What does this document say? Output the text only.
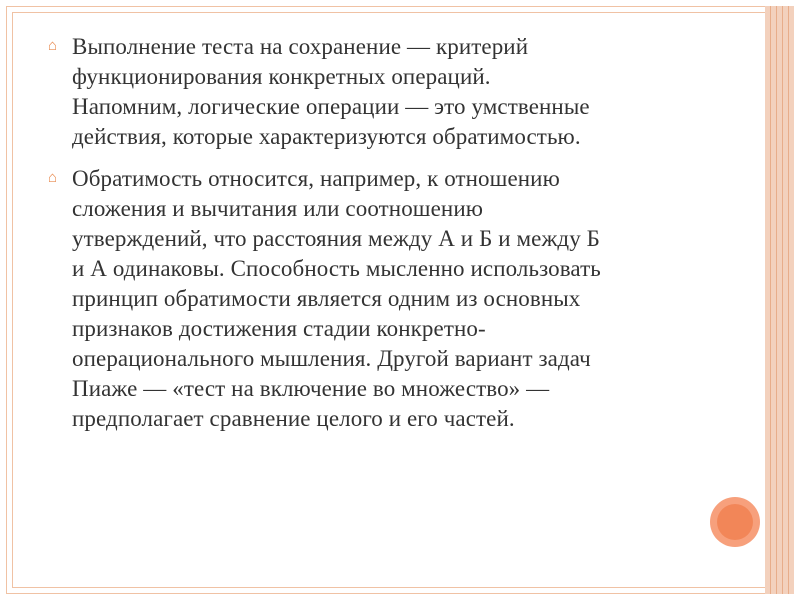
⌂ Выполнение теста на сохранение — критерий
функционирования конкретных операций.
Напомним, логические операции — это умственные
действия, которые характеризуются обратимостью.
⌂ Обратимость относится, например, к отношению
сложения и вычитания или соотношению
утверждений, что расстояния между А и Б и между Б
и А одинаковы. Способность мысленно использовать
принцип обратимости является одним из основных
признаков достижения стадии конкретно-
операционального мышления. Другой вариант задач
Пиаже — «тест на включение во множество» —
предполагает сравнение целого и его частей.
